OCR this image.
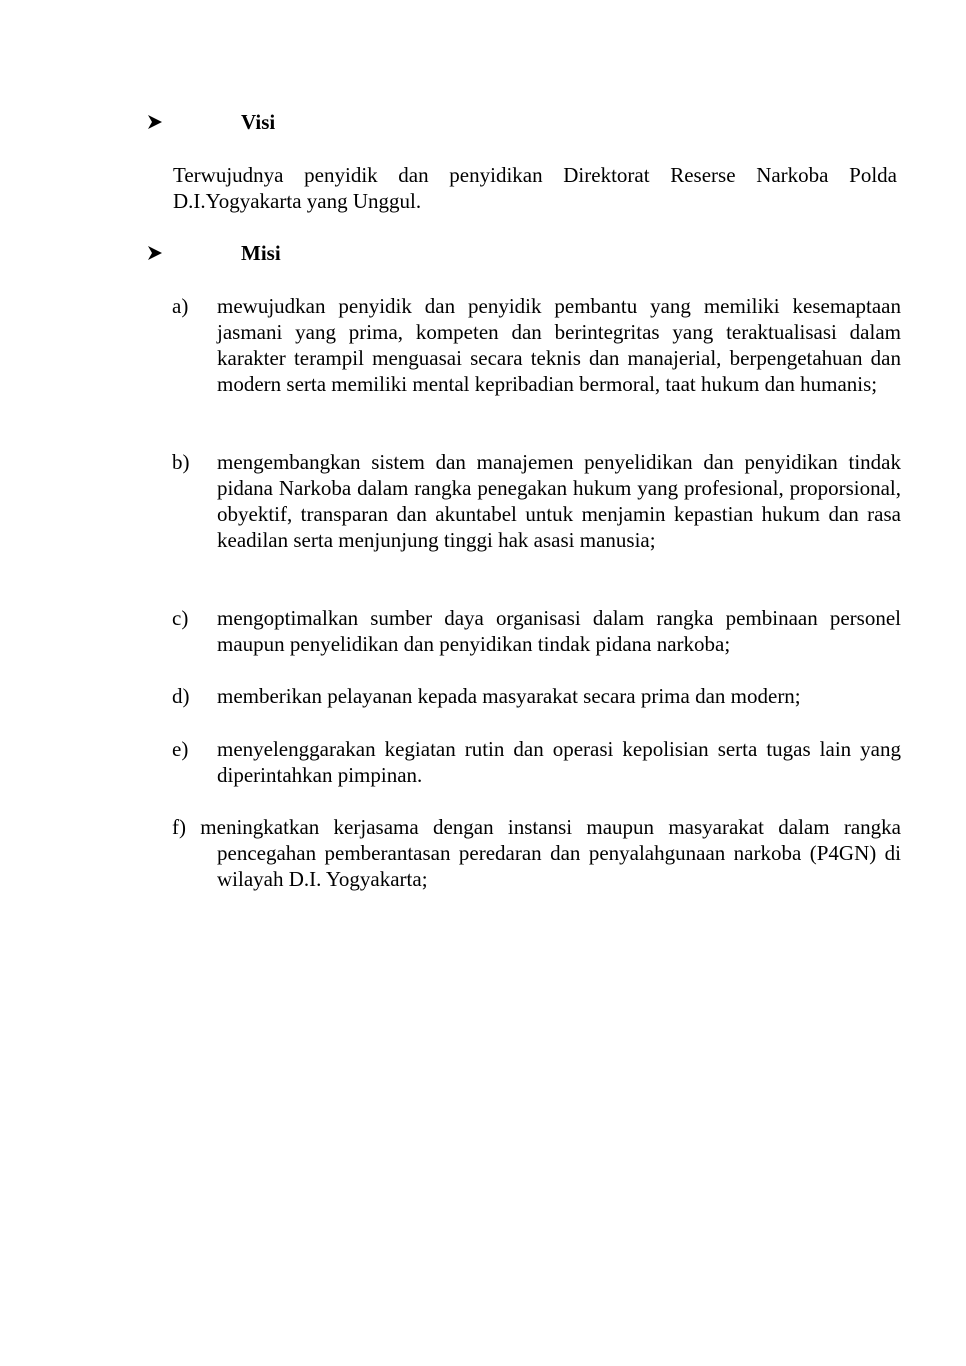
Visi
Terwujudnya penyidik dan penyidikan Direktorat Reserse Narkoba Polda D.I.Yogyakarta yang Unggul.
Misi
a)	mewujudkan penyidik dan penyidik pembantu yang memiliki kesemaptaan jasmani yang prima, kompeten dan berintegritas yang teraktualisasi dalam karakter terampil menguasai secara teknis dan manajerial, berpengetahuan dan modern serta memiliki mental kepribadian bermoral, taat hukum dan humanis;
b)	mengembangkan sistem dan manajemen penyelidikan dan penyidikan tindak pidana Narkoba dalam rangka penegakan hukum yang profesional, proporsional, obyektif, transparan dan akuntabel untuk menjamin kepastian hukum dan rasa keadilan serta menjunjung tinggi hak asasi manusia;
c)	mengoptimalkan sumber daya organisasi dalam rangka pembinaan personel maupun penyelidikan dan penyidikan tindak pidana narkoba;
d)	memberikan pelayanan kepada masyarakat secara prima dan modern;
e)	menyelenggarakan kegiatan rutin dan operasi kepolisian serta tugas lain yang diperintahkan pimpinan.
f) meningkatkan kerjasama dengan instansi maupun masyarakat dalam rangka
pencegahan pemberantasan peredaran dan penyalahgunaan narkoba (P4GN) di wilayah D.I. Yogyakarta;
